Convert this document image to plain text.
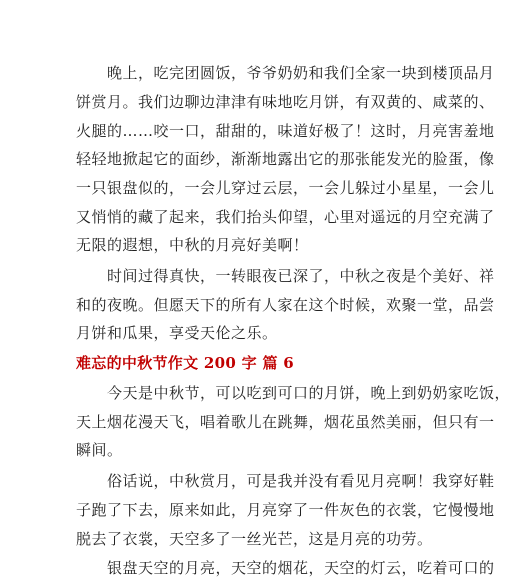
　　晚上，吃完团圆饭，爷爷奶奶和我们全家一块到楼顶品月
饼赏月。我们边聊边津津有味地吃月饼，有双黄的、咸菜的、
火腿的……咬一口，甜甜的，味道好极了！这时，月亮害羞地
轻轻地掀起它的面纱，渐渐地露出它的那张能发光的脸蛋，像
一只银盘似的，一会儿穿过云层，一会儿躲过小星星，一会儿
又悄悄的藏了起来，我们抬头仰望，心里对遥远的月空充满了
无限的遐想，中秋的月亮好美啊！
　　时间过得真快，一转眼夜已深了，中秋之夜是个美好、祥
和的夜晚。但愿天下的所有人家在这个时候，欢聚一堂，品尝
月饼和瓜果，享受天伦之乐。
难忘的中秋节作文 200 字 篇 6
　　今天是中秋节，可以吃到可口的月饼，晚上到奶奶家吃饭，
天上烟花漫天飞，唱着歌儿在跳舞，烟花虽然美丽，但只有一
瞬间。
　　俗话说，中秋赏月，可是我并没有看见月亮啊！我穿好鞋
子跑了下去，原来如此，月亮穿了一件灰色的衣裳，它慢慢地
脱去了衣裳，天空多了一丝光芒，这是月亮的功劳。
　　银盘天空的月亮，天空的烟花，天空的灯云，吃着可口的
